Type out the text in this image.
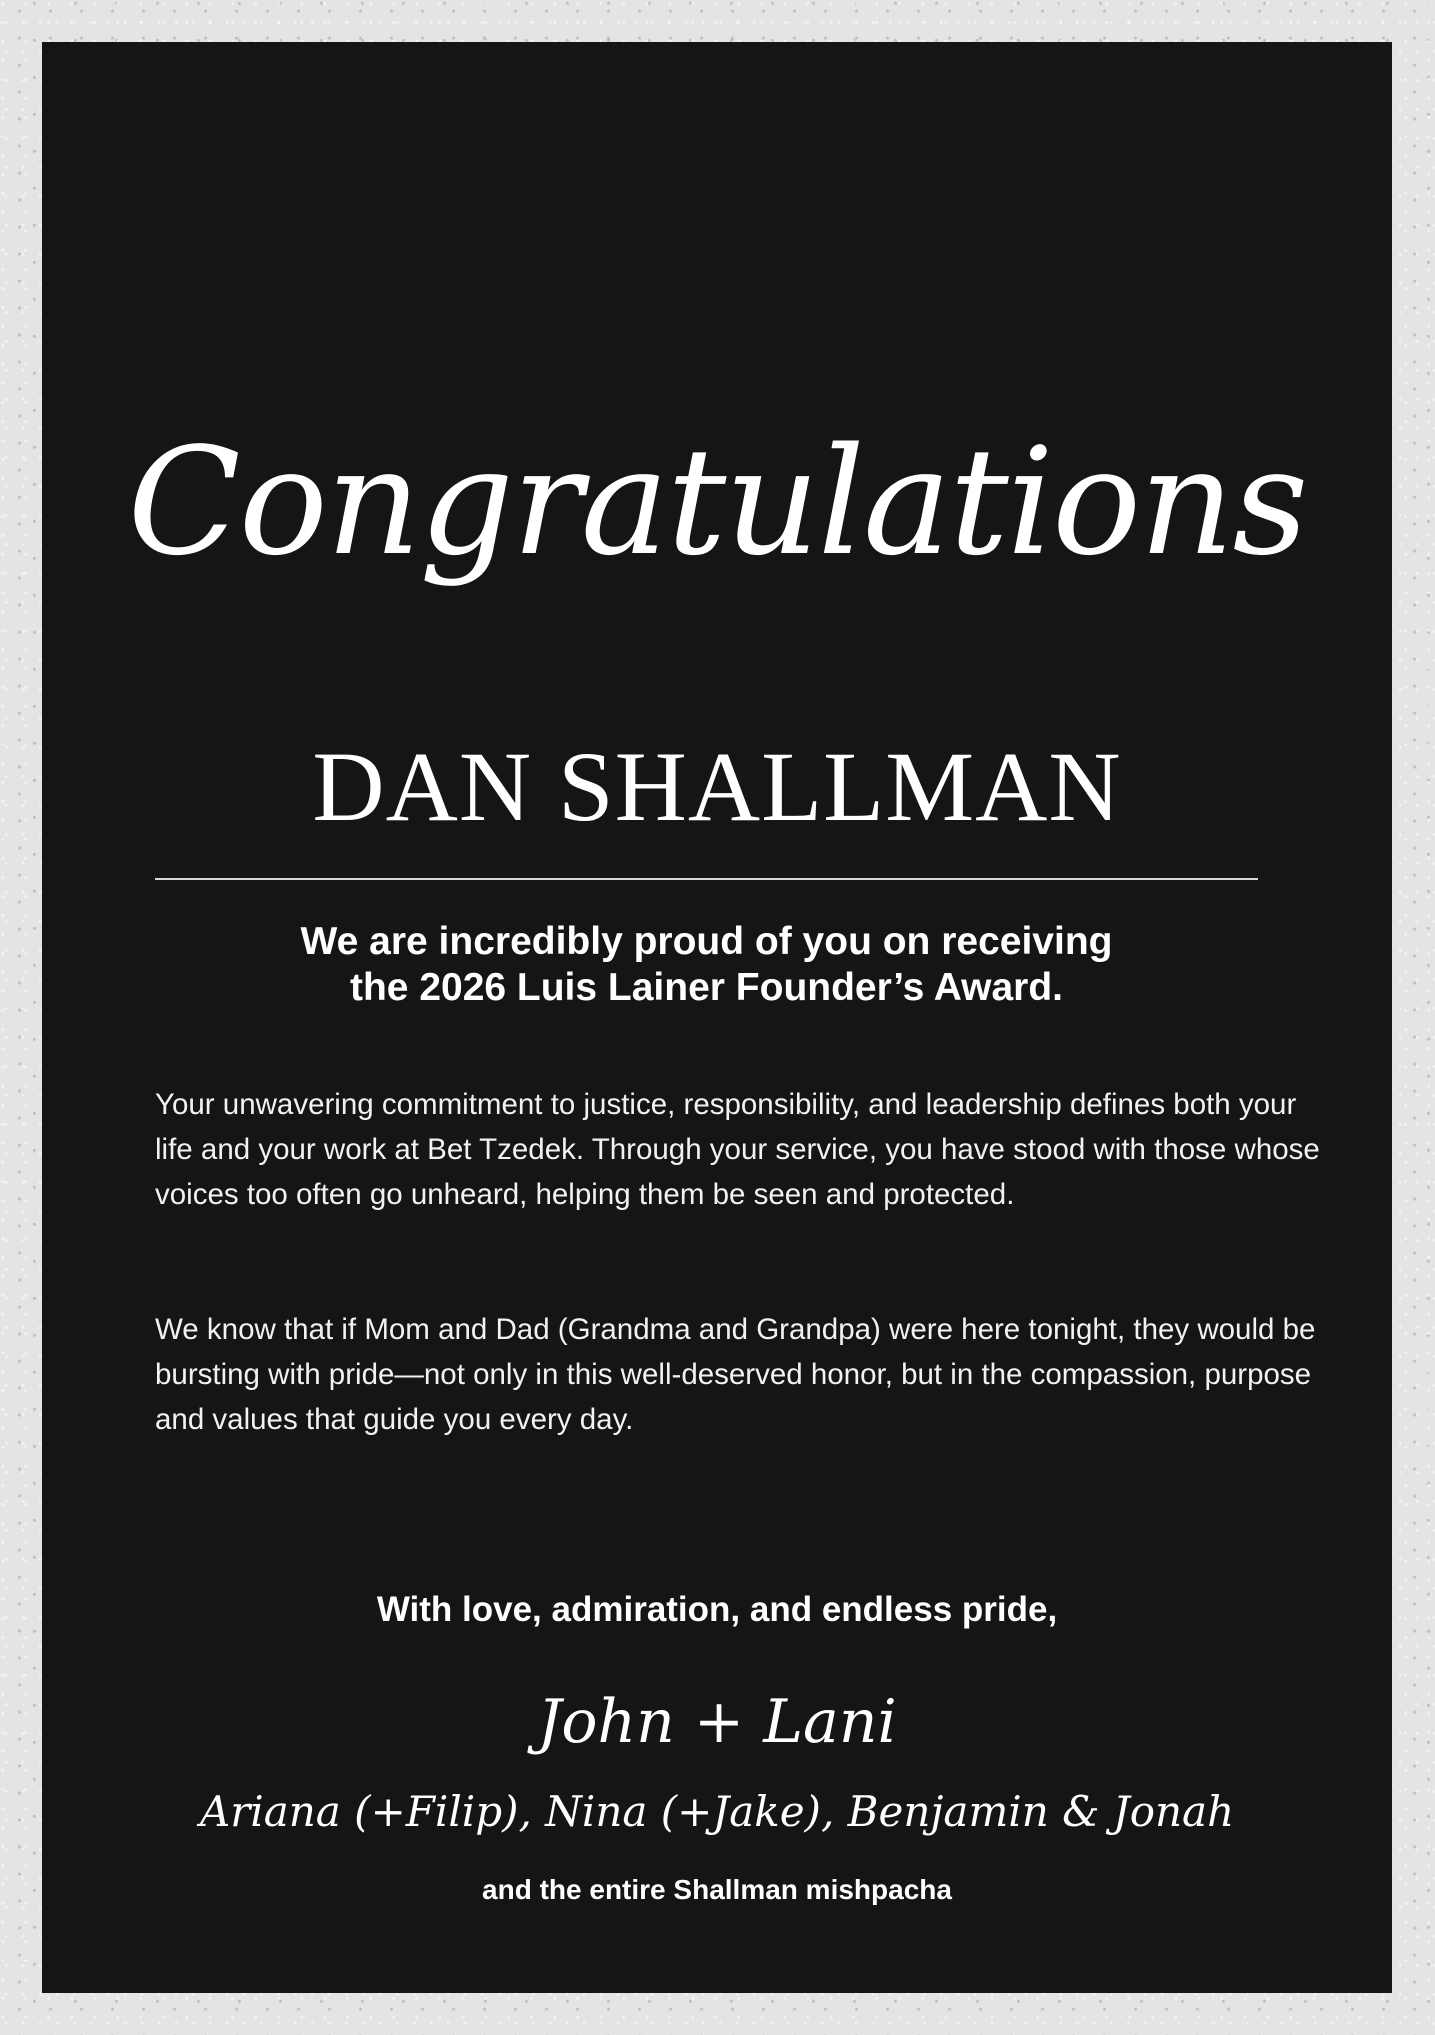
Congratulations
DAN SHALLMAN
We are incredibly proud of you on receiving
the 2026 Luis Lainer Founder’s Award.

Your unwavering commitment to justice, responsibility, and leadership defines both your life and your work at Bet Tzedek. Through your service, you have stood with those whose voices too often go unheard, helping them be seen and protected.

We know that if Mom and Dad (Grandma and Grandpa) were here tonight, they would be bursting with pride—not only in this well-deserved honor, but in the compassion, purpose and values that guide you every day.

With love, admiration, and endless pride,
John + Lani
Ariana (+Filip), Nina (+Jake), Benjamin & Jonah
and the entire Shallman mishpacha
